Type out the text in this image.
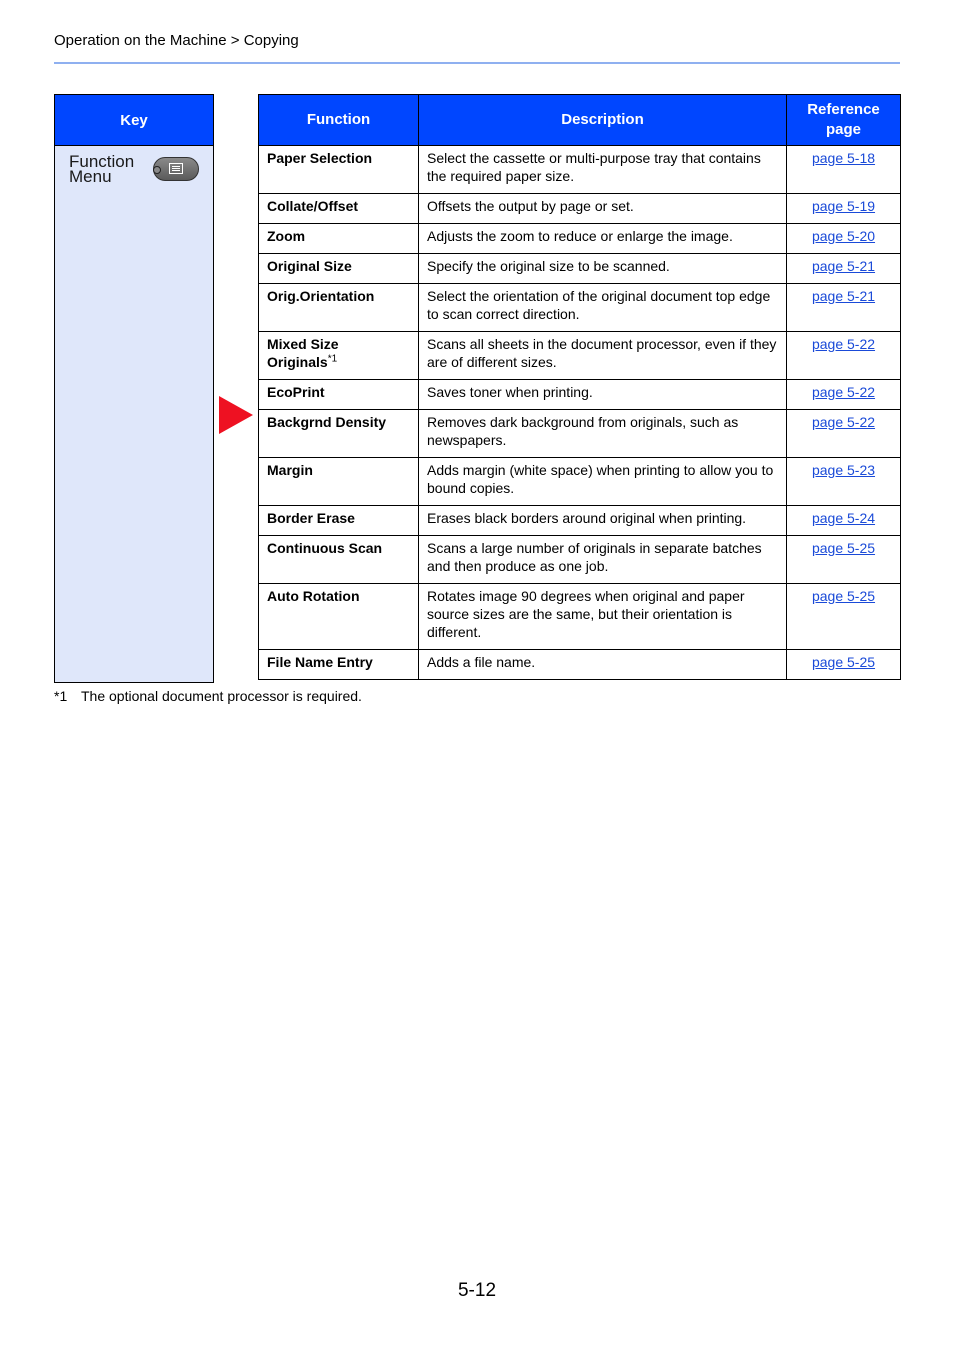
Operation on the Machine > Copying
Key

Function
Menu
Function	Description	Reference page
Paper Selection	Select the cassette or multi-purpose tray that contains the required paper size.	page 5-18
Collate/Offset	Offsets the output by page or set.	page 5-19
Zoom	Adjusts the zoom to reduce or enlarge the image.	page 5-20
Original Size	Specify the original size to be scanned.	page 5-21
Orig.Orientation	Select the orientation of the original document top edge to scan correct direction.	page 5-21
Mixed Size Originals$^{*1}$	Scans all sheets in the document processor, even if they are of different sizes.	page 5-22
EcoPrint	Saves toner when printing.	page 5-22
Backgrnd Density	Removes dark background from originals, such as newspapers.	page 5-22
Margin	Adds margin (white space) when printing to allow you to bound copies.	page 5-23
Border Erase	Erases black borders around original when printing.	page 5-24
Continuous Scan	Scans a large number of originals in separate batches and then produce as one job.	page 5-25
Auto Rotation	Rotates image 90 degrees when original and paper source sizes are the same, but their orientation is different.	page 5-25
File Name Entry	Adds a file name.	page 5-25
*1 The optional document processor is required.
5-12
